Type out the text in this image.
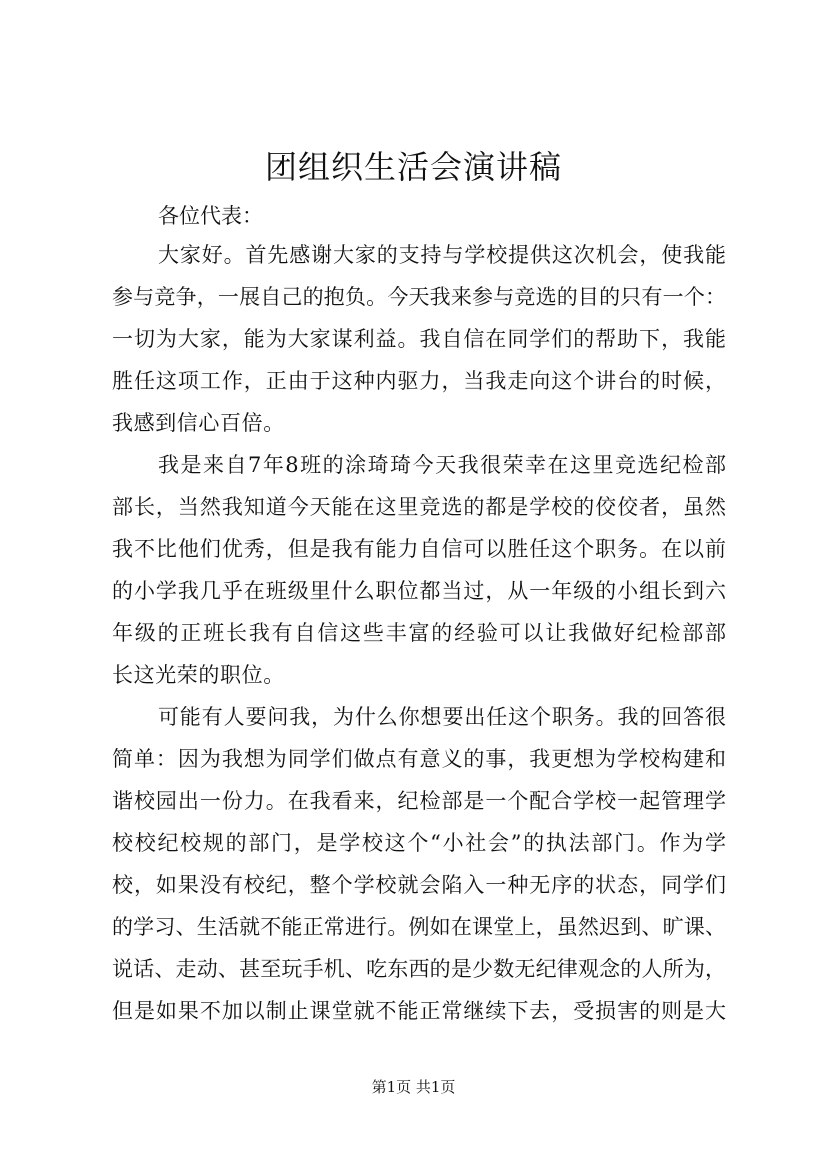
团组织生活会演讲稿
各位代表：
大家好。首先感谢大家的支持与学校提供这次机会，使我能
参与竞争，一展自己的抱负。今天我来参与竞选的目的只有一个：
一切为大家，能为大家谋利益。我自信在同学们的帮助下，我能
胜任这项工作，正由于这种内驱力，当我走向这个讲台的时候，
我感到信心百倍。
我是来自7年8班的涂琦琦今天我很荣幸在这里竞选纪检部
部长，当然我知道今天能在这里竞选的都是学校的佼佼者，虽然
我不比他们优秀，但是我有能力自信可以胜任这个职务。在以前
的小学我几乎在班级里什么职位都当过，从一年级的小组长到六
年级的正班长我有自信这些丰富的经验可以让我做好纪检部部
长这光荣的职位。
可能有人要问我，为什么你想要出任这个职务。我的回答很
简单：因为我想为同学们做点有意义的事，我更想为学校构建和
谐校园出一份力。在我看来，纪检部是一个配合学校一起管理学
校校纪校规的部门，是学校这个“小社会”的执法部门。作为学
校，如果没有校纪，整个学校就会陷入一种无序的状态，同学们
的学习、生活就不能正常进行。例如在课堂上，虽然迟到、旷课、
说话、走动、甚至玩手机、吃东西的是少数无纪律观念的人所为，
但是如果不加以制止课堂就不能正常继续下去，受损害的则是大
第1页 共1页
